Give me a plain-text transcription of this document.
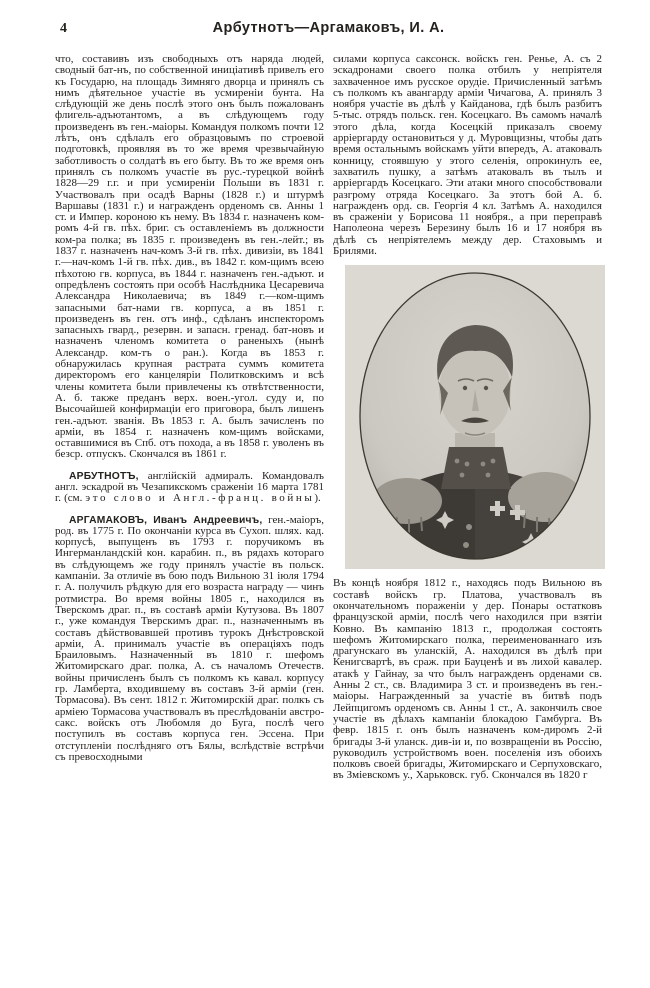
4	Арбутнотъ—Аргамаковъ, И. А.

что, составивъ изъ свободныхъ отъ наряда людей, сводный бат-нъ, по собственной иниціативѣ привелъ его къ Государю, на площадь Зимняго дворца и принялъ съ нимъ дѣятельное участіе въ усмиреніи бунта. На слѣдующій же день послѣ этого онъ былъ пожалованъ флигель-адъютантомъ, а въ слѣдующемъ году произведенъ въ ген.-маіоры. Командуя полкомъ почти 12 лѣтъ, онъ сдѣлалъ его образцовымъ по строевой подготовкѣ, проявляя въ то же время чрезвычайную заботливость о солдатѣ въ его быту. Въ то же время онъ принялъ съ полкомъ участіе въ рус.-турецкой войнѣ 1828—29 г.г. и при усмиреніи Польши въ 1831 г. Участвовалъ при осадѣ Варны (1828 г.) и штурмѣ Варшавы (1831 г.) и награжденъ орденомъ св. Анны 1 ст. и Импер. короною къ нему. Въ 1834 г. назначенъ ком-ромъ 4-й гв. пѣх. бриг. съ оставленіемъ въ должности ком-ра полка; въ 1835 г. произведенъ въ ген.-лейт.; въ 1837 г. назначенъ нач-комъ 3-й гв. пѣх. дивизіи, въ 1841 г.—нач-комъ 1-й гв. пѣх. див., въ 1842 г. ком-щимъ всею пѣхотою гв. корпуса, въ 1844 г. назначенъ ген.-адъют. и опредѣленъ состоять при особѣ Наслѣдника Цесаревича Александра Николаевича; въ 1849 г.—ком-щимъ запасными бат-нами гв. корпуса, а въ 1851 г. произведенъ въ ген. отъ инф., сдѣланъ инспекторомъ запасныхъ гвард., резервн. и запасн. гренад. бат-новъ и назначенъ членомъ комитета о раненыхъ (нынѣ Александр. ком-тъ о ран.). Когда въ 1853 г. обнаружилась крупная растрата суммъ комитета директоромъ его канцеляріи Политковскимъ и всѣ члены комитета были привлечены къ отвѣтственности, А. б. также преданъ верх. воен.-угол. суду и, по Высочайшей конфирмаціи его приговора, былъ лишенъ ген.-адъют. званія. Въ 1853 г. А. былъ зачисленъ по арміи, въ 1854 г. назначенъ ком-щимъ войсками, оставшимися въ Спб. отъ похода, а въ 1858 г. уволенъ въ безср. отпускъ. Скончался въ 1861 г.

АРБУТНОТЪ, англійскій адмиралъ. Командовалъ англ. эскадрой въ Чезапикскомъ сраженіи 16 марта 1781 г. (см. это слово и Англ.-франц. войны).

АРГАМАКОВЪ, Иванъ Андреевичъ, ген.-маіоръ, род. въ 1775 г. По окончаніи курса въ Сухоп. шлях. кад. корпусѣ, выпущенъ въ 1793 г. поручикомъ въ Ингерманландскій кон. карабин. п., въ рядахъ котораго въ слѣдующемъ же году принялъ участіе въ польск. кампаніи. За отличіе въ бою подъ Вильною 31 іюля 1794 г. А. получилъ рѣдкую для его возраста награду — чинъ ротмистра. Во время войны 1805 г., находился въ Тверскомъ драг. п., въ составѣ арміи Кутузова. Въ 1807 г., уже командуя Тверскимъ драг. п., назначеннымъ въ составъ дѣйствовавшей противъ турокъ Днѣстровской арміи, А. принималъ участіе въ операціяхъ подъ Браиловымъ. Назначенный въ 1810 г. шефомъ Житомирскаго драг. полка, А. съ началомъ Отечеств. войны причисленъ былъ съ полкомъ къ кавал. корпусу гр. Ламберта, входившему въ составъ 3-й арміи (ген. Тормасова). Въ сент. 1812 г. Житомирскій драг. полкъ съ арміею Тормасова участвовалъ въ преслѣдованіи австро-сакс. войскъ отъ Любомля до Буга, послѣ чего поступилъ въ составъ корпуса ген. Эссена. При отступленіи послѣдняго отъ Бялы, вслѣдствіе встрѣчи съ превосходными

силами корпуса саксонск. войскъ ген. Ренье, А. съ 2 эскадронами своего полка отбилъ у непріятеля захваченное имъ русское орудіе. Причисленный затѣмъ съ полкомъ къ авангарду арміи Чичагова, А. принялъ 3 ноября участіе въ дѣлѣ у Кайданова, гдѣ былъ разбитъ 5-тыс. отрядъ польск. ген. Косецкаго. Въ самомъ началѣ этого дѣла, когда Косецкій приказалъ своему арріергарду остановиться у д. Муровщизны, чтобы дать время остальнымъ войскамъ уйти впередъ, А. атаковалъ конницу, стоявшую у этого селенія, опрокинулъ ее, захватилъ пушку, а затѣмъ атаковалъ въ тылъ и арріергардъ Косецкаго. Эти атаки много способствовали разгрому отряда Косецкаго. За этотъ бой А. б. награжденъ орд. св. Георгія 4 кл. Затѣмъ А. находился въ сраженіи у Борисова 11 ноября., а при переправѣ Наполеона черезъ Березину былъ 16 и 17 ноября въ дѣлѣ съ непріятелемъ между дер. Стаховымъ и Брилями.

Въ концѣ ноября 1812 г., находясь подъ Вильною въ составѣ войскъ гр. Платова, участвовалъ въ окончательномъ пораженіи у дер. Понары остатковъ французской арміи, послѣ чего находился при взятіи Ковно. Въ кампанію 1813 г., продолжая состоять шефомъ Житомирскаго полка, переименованнаго изъ драгунскаго въ уланскій, А. находился въ дѣлѣ при Кенигсвартѣ, въ сраж. при Бауценѣ и въ лихой кавалер. атакѣ у Гайнау, за что былъ награжденъ орденами св. Анны 2 ст., св. Владимира 3 ст. и произведенъ въ ген.-маіоры. Награжденный за участіе въ битвѣ подъ Лейпцигомъ орденомъ св. Анны 1 ст., А. закончилъ свое участіе въ дѣлахъ кампаніи блокадою Гамбурга. Въ февр. 1815 г. онъ былъ назначенъ ком-диромъ 2-й бригады 3-й уланск. див-іи и, по возвращеніи въ Россію, руководилъ устройствомъ воен. поселенія изъ обоихъ полковъ своей бригады, Житомирскаго и Серпуховскаго, въ Зміевскомъ у., Харьковск. губ. Скончался въ 1820 г
